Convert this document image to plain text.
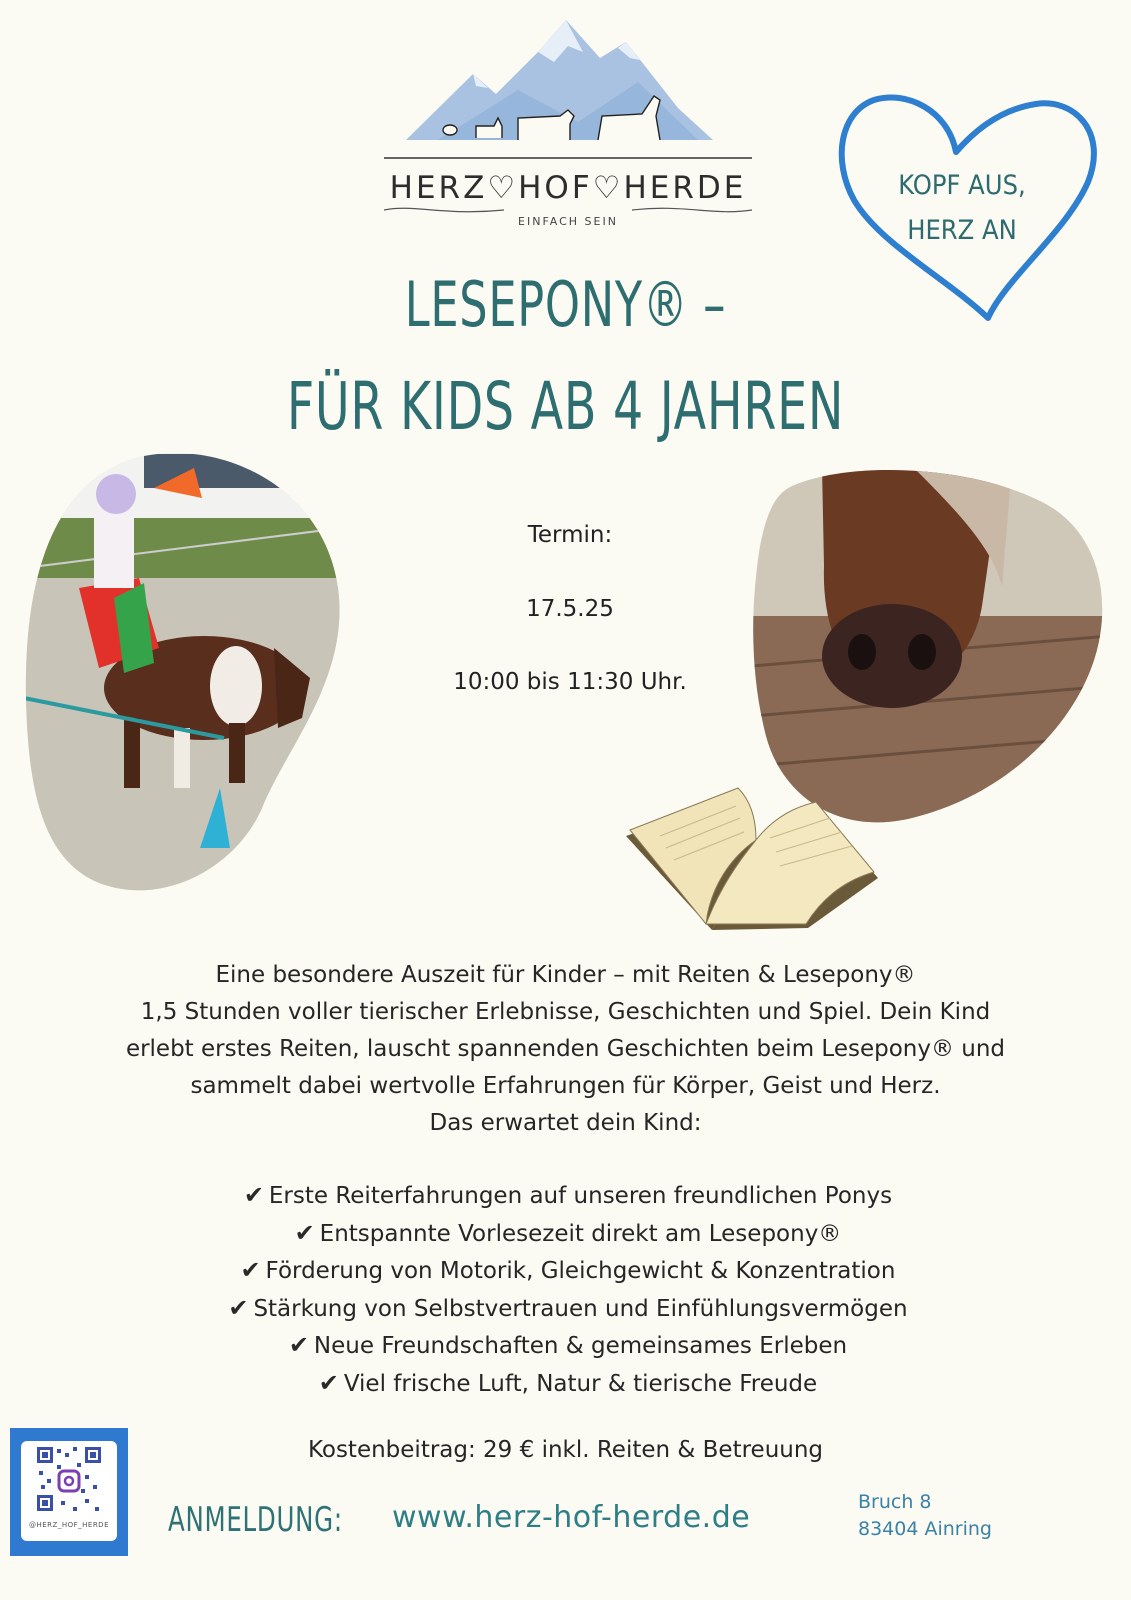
HERZ♡HOF♡HERDE
EINFACH SEIN
KOPF AUS,
HERZ AN
LESEPONY® –
FÜR KIDS AB 4 JAHREN
Termin:
17.5.25
10:00 bis 11:30 Uhr.
Eine besondere Auszeit für Kinder – mit Reiten & Lesepony®
1,5 Stunden voller tierischer Erlebnisse, Geschichten und Spiel. Dein Kind
erlebt erstes Reiten, lauscht spannenden Geschichten beim Lesepony® und
sammelt dabei wertvolle Erfahrungen für Körper, Geist und Herz.
Das erwartet dein Kind:
✔ Erste Reiterfahrungen auf unseren freundlichen Ponys
✔ Entspannte Vorlesezeit direkt am Lesepony®
✔ Förderung von Motorik, Gleichgewicht & Konzentration
✔ Stärkung von Selbstvertrauen und Einfühlungsvermögen
✔ Neue Freundschaften & gemeinsames Erleben
✔ Viel frische Luft, Natur & tierische Freude
Kostenbeitrag: 29 € inkl. Reiten & Betreuung
@HERZ_HOF_HERDE ANMELDUNG: www.herz-hof-herde.de	Bruch 8
83404 Ainring
